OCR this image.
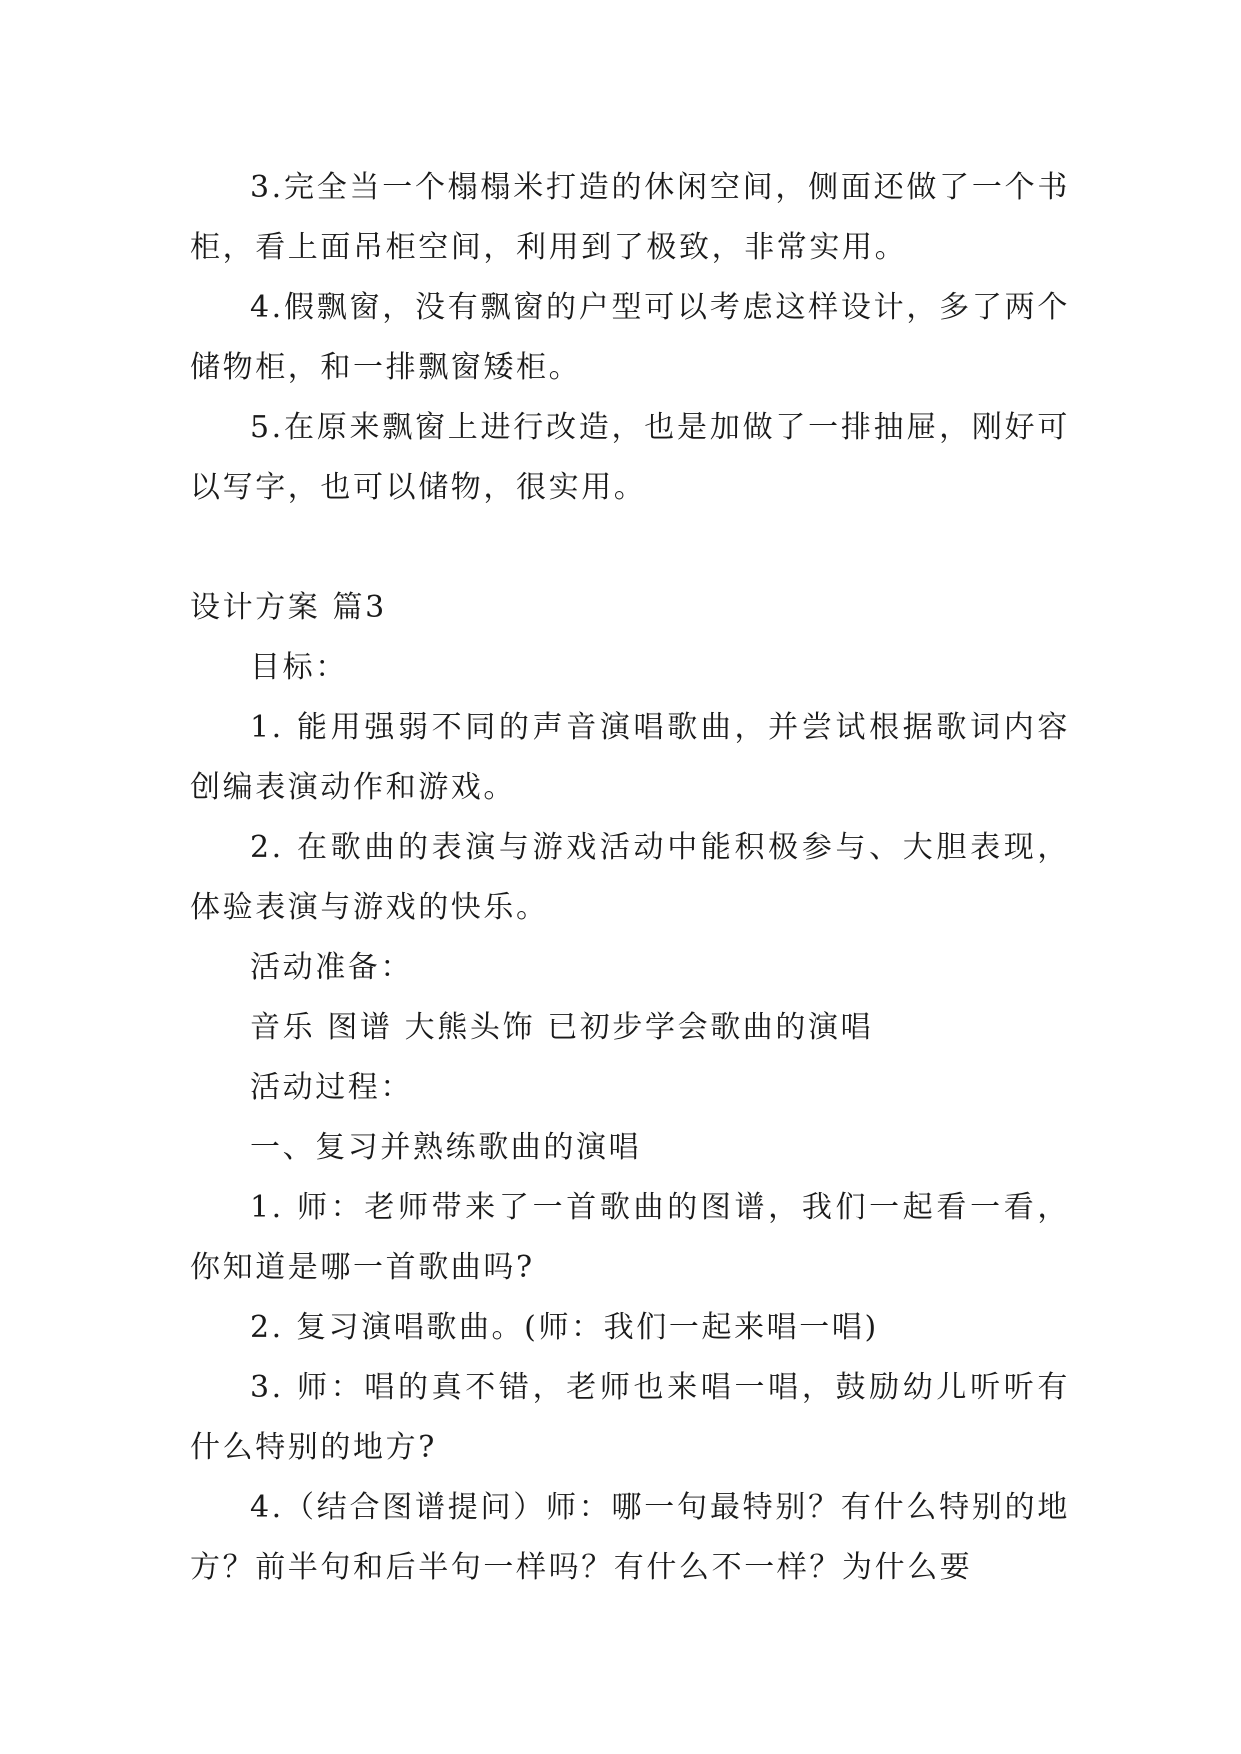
3.完全当一个榻榻米打造的休闲空间，侧面还做了一个书柜，看上面吊柜空间，利用到了极致，非常实用。

4.假飘窗，没有飘窗的户型可以考虑这样设计，多了两个储物柜，和一排飘窗矮柜。

5.在原来飘窗上进行改造，也是加做了一排抽屉，刚好可以写字，也可以储物，很实用。

设计方案 篇3

目标：

1. 能用强弱不同的声音演唱歌曲，并尝试根据歌词内容创编表演动作和游戏。

2. 在歌曲的表演与游戏活动中能积极参与、大胆表现，体验表演与游戏的快乐。

活动准备：

音乐 图谱 大熊头饰 已初步学会歌曲的演唱

活动过程：

一、复习并熟练歌曲的演唱

1. 师：老师带来了一首歌曲的图谱，我们一起看一看，你知道是哪一首歌曲吗?

2. 复习演唱歌曲。(师：我们一起来唱一唱)

3. 师：唱的真不错，老师也来唱一唱，鼓励幼儿听听有什么特别的地方?

4.（结合图谱提问）师：哪一句最特别？有什么特别的地方？前半句和后半句一样吗？有什么不一样？为什么要
